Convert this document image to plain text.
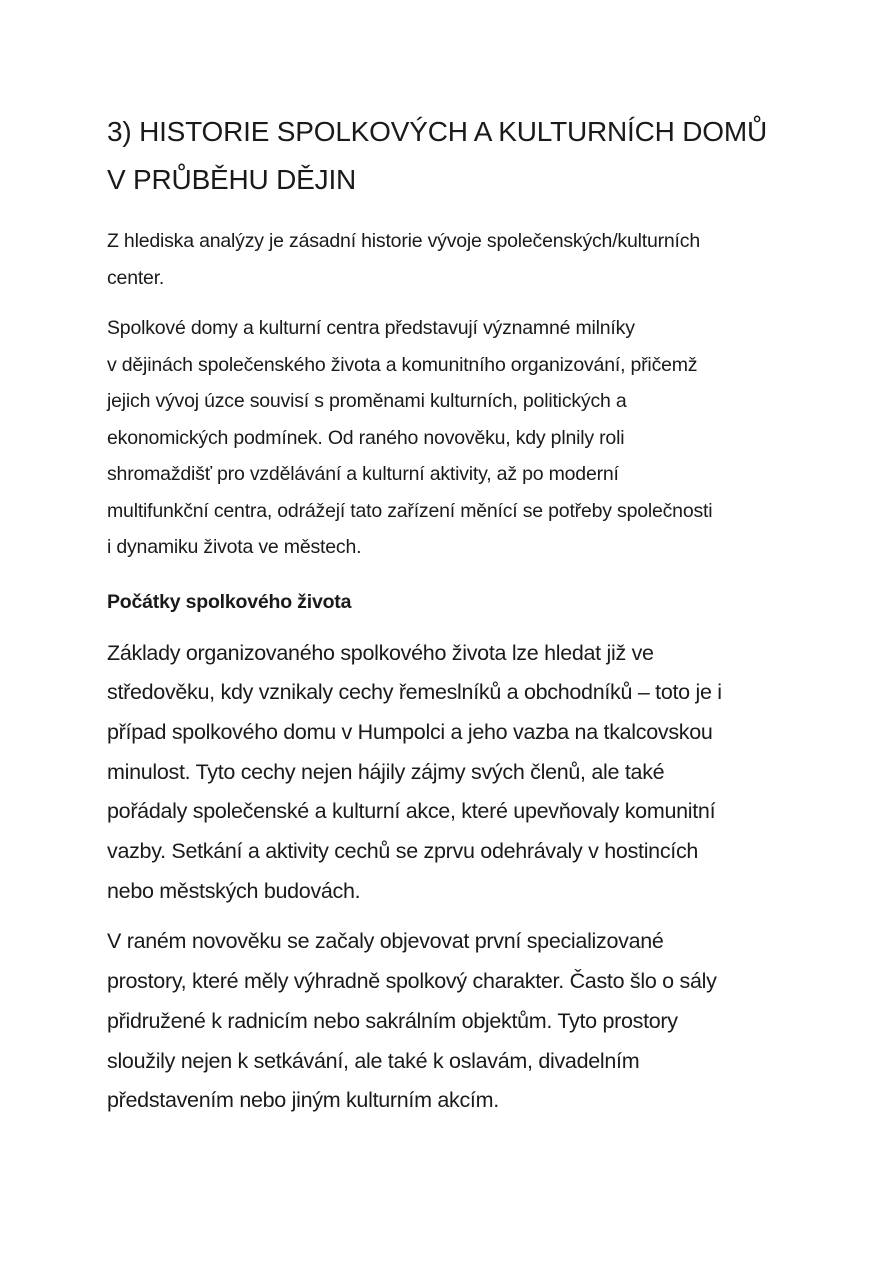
3) HISTORIE SPOLKOVÝCH A KULTURNÍCH DOMŮ
V PRŮBĚHU DĚJIN

Z hlediska analýzy je zásadní historie vývoje společenských/kulturních
center.

Spolkové domy a kulturní centra představují významné milníky
v dějinách společenského života a komunitního organizování, přičemž
jejich vývoj úzce souvisí s proměnami kulturních, politických a
ekonomických podmínek. Od raného novověku, kdy plnily roli
shromaždišť pro vzdělávání a kulturní aktivity, až po moderní
multifunkční centra, odrážejí tato zařízení měnící se potřeby společnosti
i dynamiku života ve městech.

Počátky spolkového života

Základy organizovaného spolkového života lze hledat již ve
středověku, kdy vznikaly cechy řemeslníků a obchodníků – toto je i
případ spolkového domu v Humpolci a jeho vazba na tkalcovskou
minulost. Tyto cechy nejen hájily zájmy svých členů, ale také
pořádaly společenské a kulturní akce, které upevňovaly komunitní
vazby. Setkání a aktivity cechů se zprvu odehrávaly v hostincích
nebo městských budovách.

V raném novověku se začaly objevovat první specializované
prostory, které měly výhradně spolkový charakter. Často šlo o sály
přidružené k radnicím nebo sakrálním objektům. Tyto prostory
sloužily nejen k setkávání, ale také k oslavám, divadelním
představením nebo jiným kulturním akcím.
